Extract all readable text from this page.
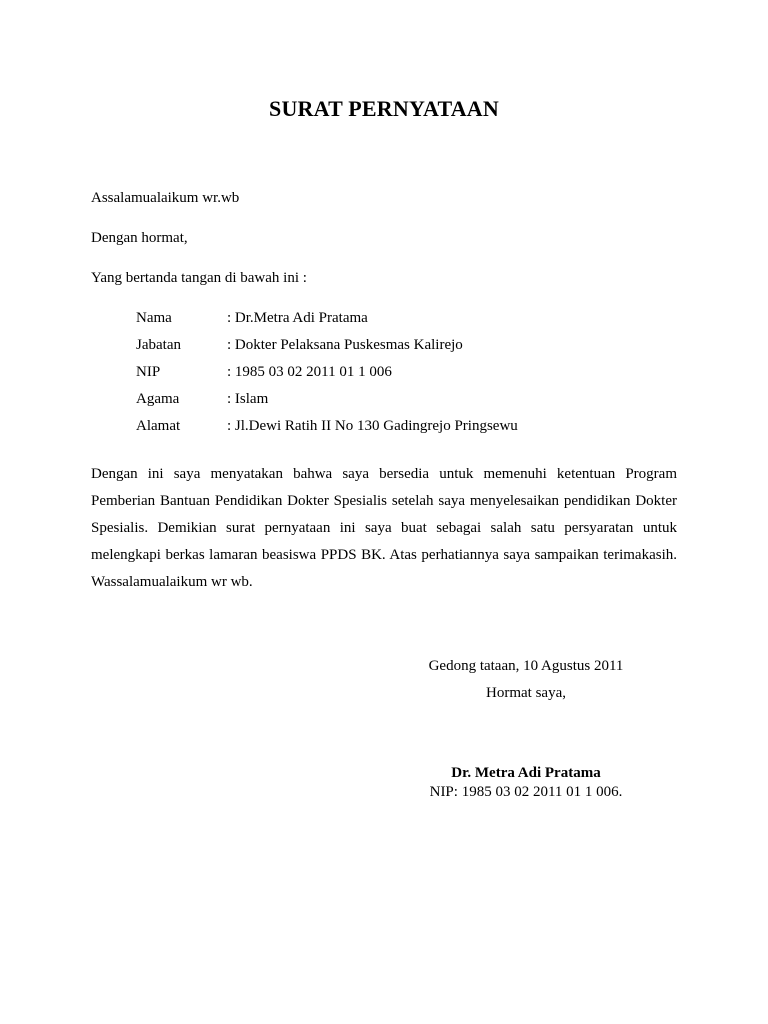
SURAT PERNYATAAN
Assalamualaikum wr.wb
Dengan hormat,
Yang bertanda tangan di bawah ini :
Nama	: Dr.Metra Adi Pratama
Jabatan	: Dokter Pelaksana Puskesmas Kalirejo
NIP	: 1985 03 02 2011 01 1 006
Agama	: Islam
Alamat	: Jl.Dewi Ratih II No 130 Gadingrejo Pringsewu
Dengan ini saya menyatakan bahwa saya bersedia untuk memenuhi ketentuan Program
Pemberian Bantuan Pendidikan Dokter Spesialis setelah saya menyelesaikan pendidikan Dokter
Spesialis. Demikian surat pernyataan ini saya buat sebagai salah satu persyaratan untuk
melengkapi berkas lamaran beasiswa PPDS BK. Atas perhatiannya saya sampaikan terimakasih.
Wassalamualaikum wr wb.
Gedong tataan, 10 Agustus 2011
Hormat saya,
Dr. Metra Adi Pratama
NIP: 1985 03 02 2011 01 1 006.
